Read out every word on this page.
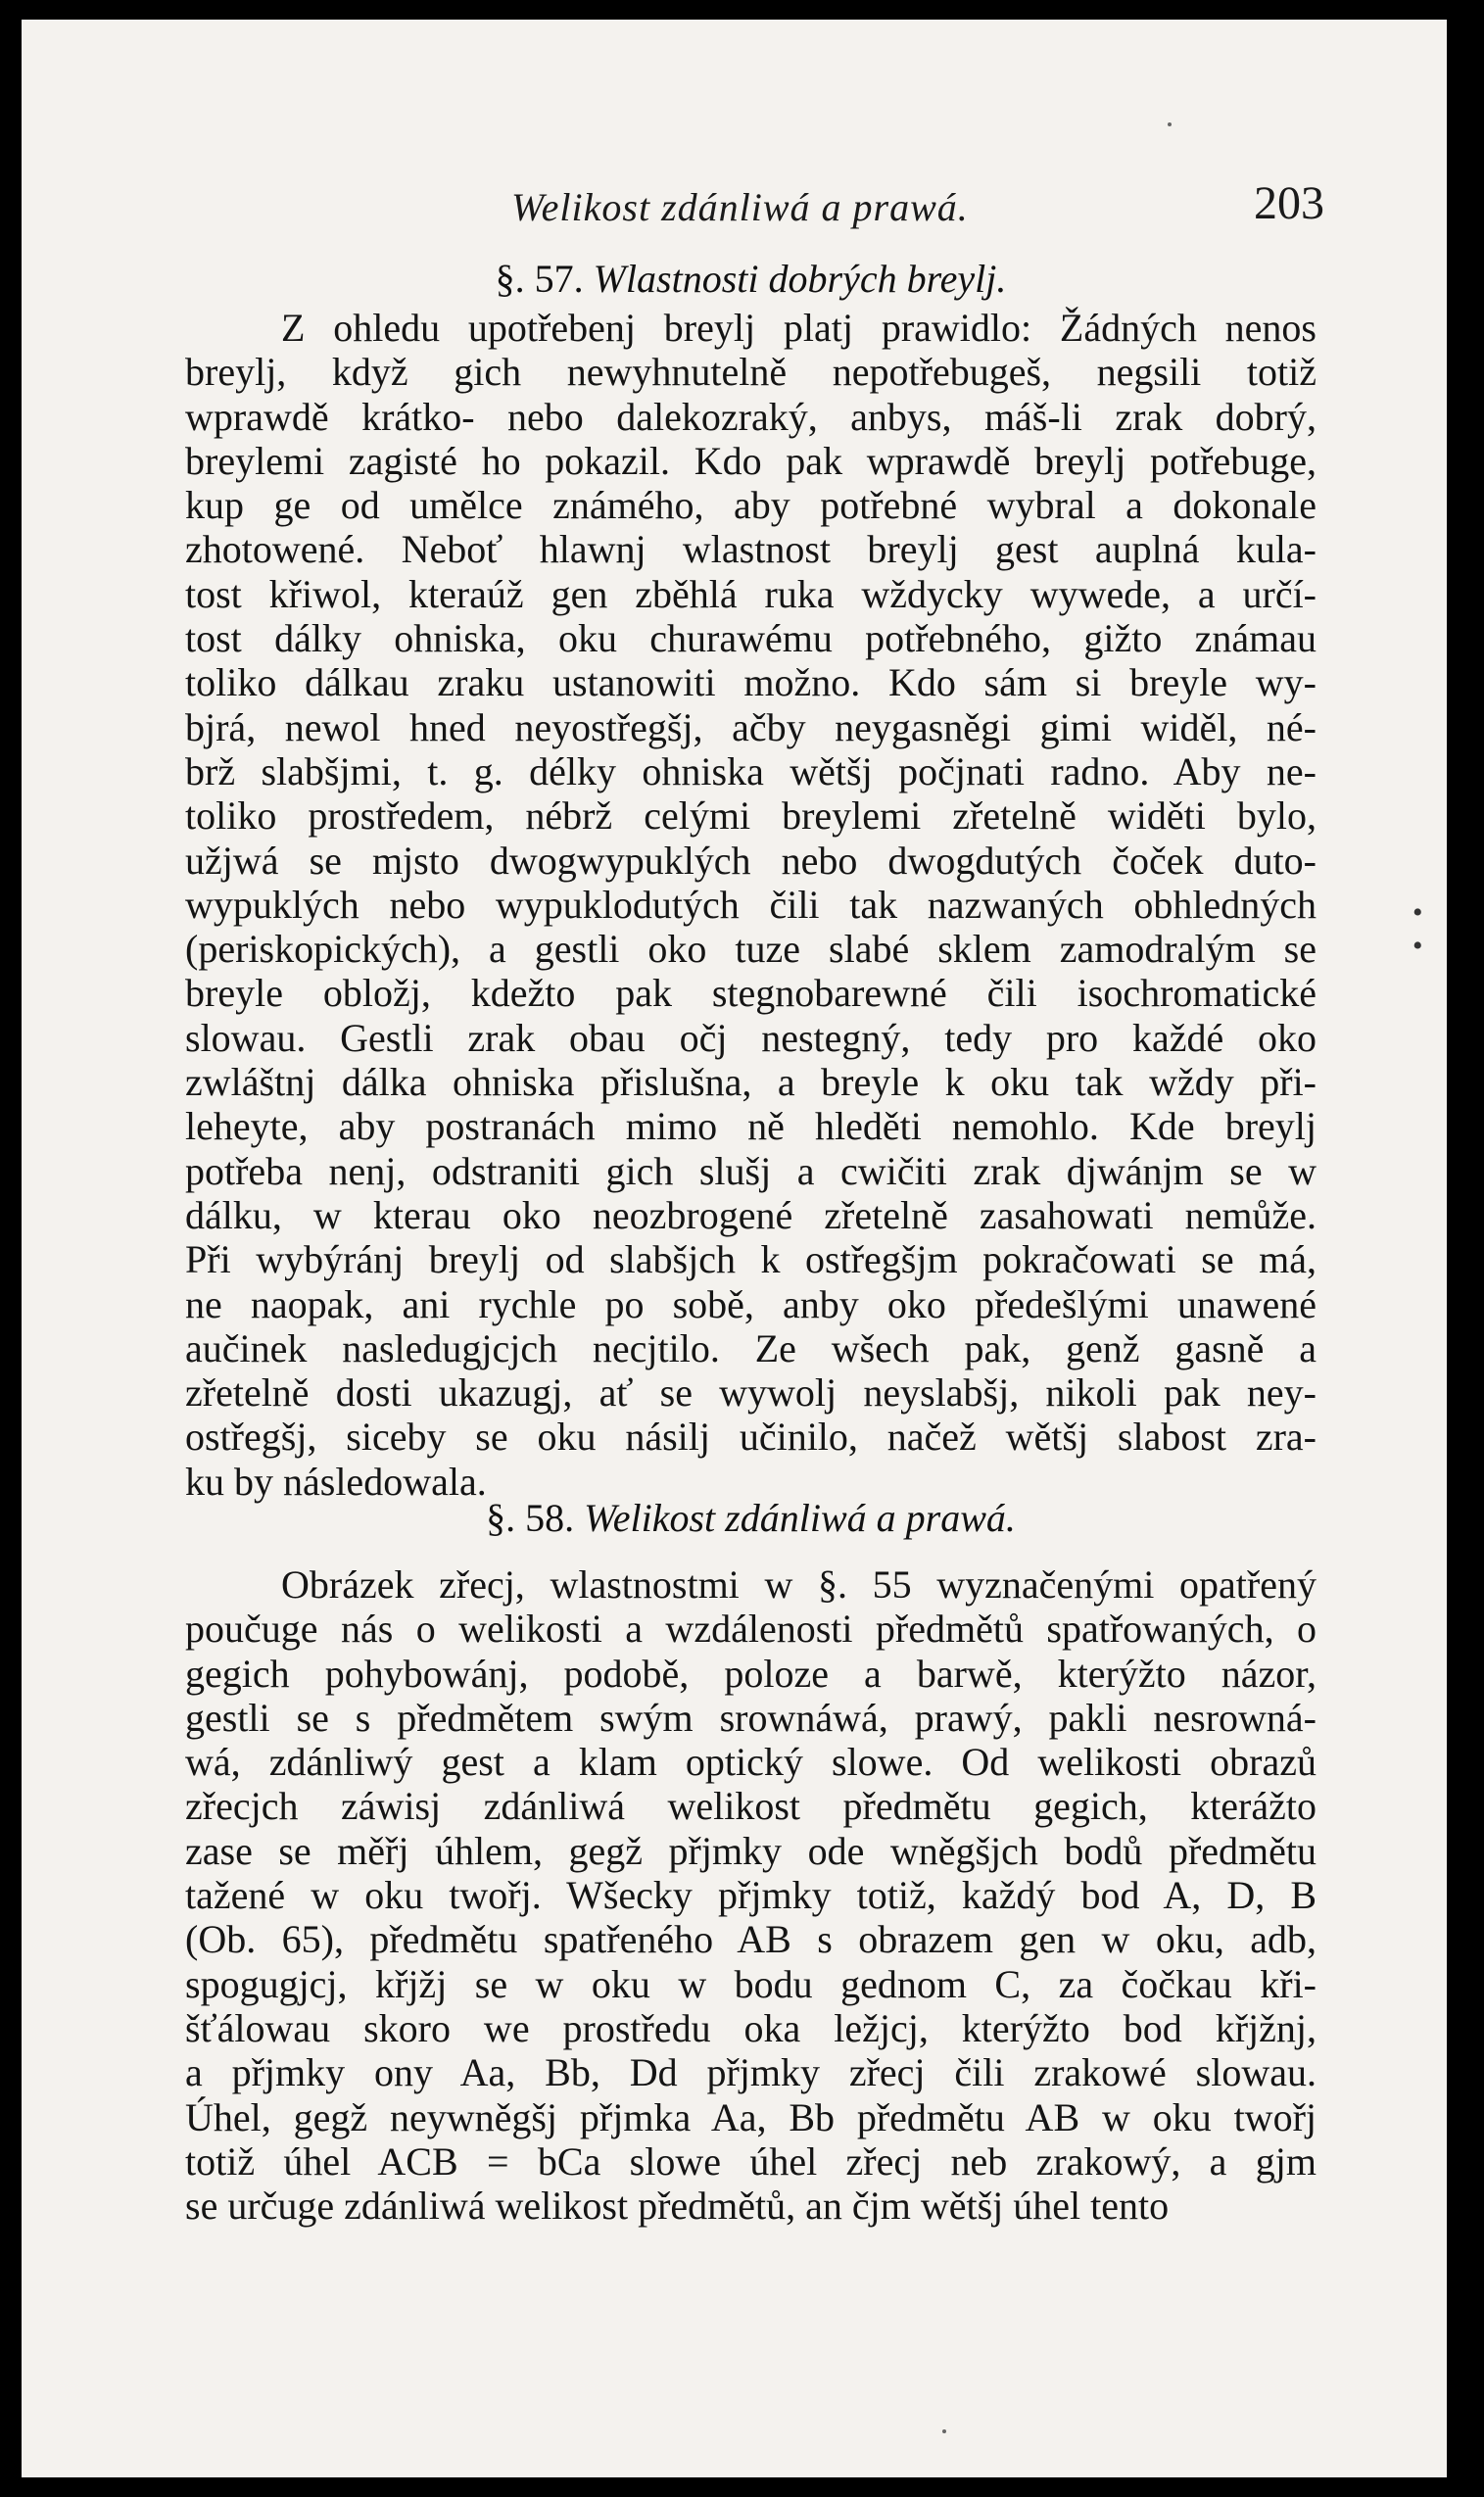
Welikost zdánliwá a prawá.	203

§. 57. Wlastnosti dobrých breylj.

Z ohledu upotřebenj breylj platj prawidlo: Žádných nenos
breylj, když gich newyhnutelně nepotřebugeš, negsili totiž
wprawdě krátko- nebo dalekozraký, anbys, máš-li zrak dobrý,
breylemi zagisté ho pokazil. Kdo pak wprawdě breylj potřebuge,
kup ge od umělce známého, aby potřebné wybral a dokonale
zhotowené. Neboť hlawnj wlastnost breylj gest auplná kula-
tost křiwol, kteraúž gen zběhlá ruka wždycky wywede, a určí-
tost dálky ohniska, oku churawému potřebného, gižto známau
toliko dálkau zraku ustanowiti možno. Kdo sám si breyle wy-
bjrá, newol hned neyostřegšj, ačby neygasněgi gimi widěl, né-
brž slabšjmi, t. g. délky ohniska wětšj počjnati radno. Aby ne-
toliko prostředem, nébrž celými breylemi zřetelně widěti bylo,
užjwá se mjsto dwogwypuklých nebo dwogdutých čoček duto-
wypuklých nebo wypuklodutých čili tak nazwaných obhledných
(periskopických), a gestli oko tuze slabé sklem zamodralým se
breyle obložj, kdežto pak stegnobarewné čili isochromatické
slowau. Gestli zrak obau očj nestegný, tedy pro každé oko
zwláštnj dálka ohniska přislušna, a breyle k oku tak wždy při-
leheyte, aby postranách mimo ně hleděti nemohlo. Kde breylj
potřeba nenj, odstraniti gich slušj a cwičiti zrak djwánjm se w
dálku, w kterau oko neozbrogené zřetelně zasahowati nemůže.
Při wybýránj breylj od slabšjch k ostřegšjm pokračowati se má,
ne naopak, ani rychle po sobě, anby oko předešlými unawené
aučinek nasledugjcjch necjtilo. Ze wšech pak, genž gasně a
zřetelně dosti ukazugj, ať se wywolj neyslabšj, nikoli pak ney-
ostřegšj, siceby se oku násilj učinilo, načež wětšj slabost zra-
ku by následowala.

§. 58. Welikost zdánliwá a prawá.

Obrázek zřecj, wlastnostmi w §. 55 wyznačenými opatřený
poučuge nás o welikosti a wzdálenosti předmětů spatřowaných, o
gegich pohybowánj, podobě, poloze a barwě, kterýžto názor,
gestli se s předmětem swým srownáwá, prawý, pakli nesrowná-
wá, zdánliwý gest a klam optický slowe. Od welikosti obrazů
zřecjch záwisj zdánliwá welikost předmětu gegich, kterážto
zase se měřj úhlem, gegž přjmky ode wněgšjch bodů předmětu
tažené w oku twořj. Wšecky přjmky totiž, každý bod A, D, B
(Ob. 65), předmětu spatřeného AB s obrazem gen w oku, adb,
spogugjcj, křjžj se w oku w bodu gednom C, za čočkau kři-
šťálowau skoro we prostředu oka ležjcj, kterýžto bod křjžnj,
a přjmky ony Aa, Bb, Dd přjmky zřecj čili zrakowé slowau.
Úhel, gegž neywněgšj přjmka Aa, Bb předmětu AB w oku twořj
totiž úhel ACB = bCa slowe úhel zřecj neb zrakowý, a gjm
se určuge zdánliwá welikost předmětů, an čjm wětšj úhel tento
• •
